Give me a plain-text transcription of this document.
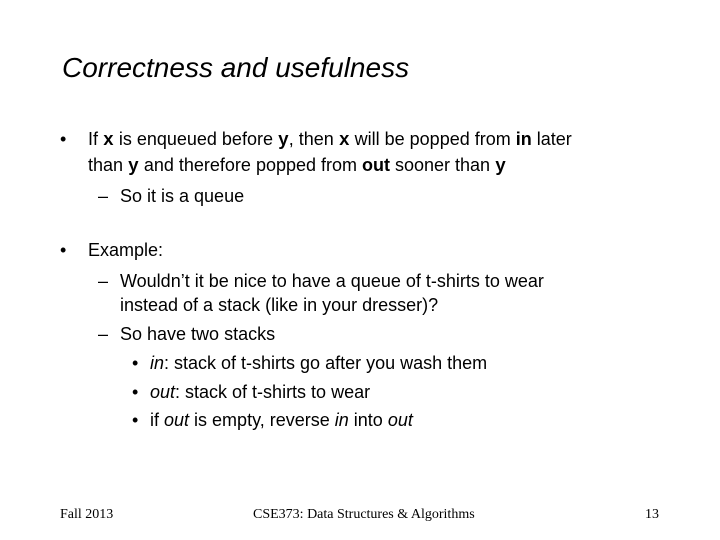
Correctness and usefulness
• If x is enqueued before y, then x will be popped from in later
than y and therefore popped from out sooner than y
– So it is a queue
• Example:
– Wouldn’t it be nice to have a queue of t-shirts to wear
instead of a stack (like in your dresser)?
– So have two stacks
• in: stack of t-shirts go after you wash them
• out: stack of t-shirts to wear
• if out is empty, reverse in into out
Fall 2013	CSE373: Data Structures & Algorithms	13
